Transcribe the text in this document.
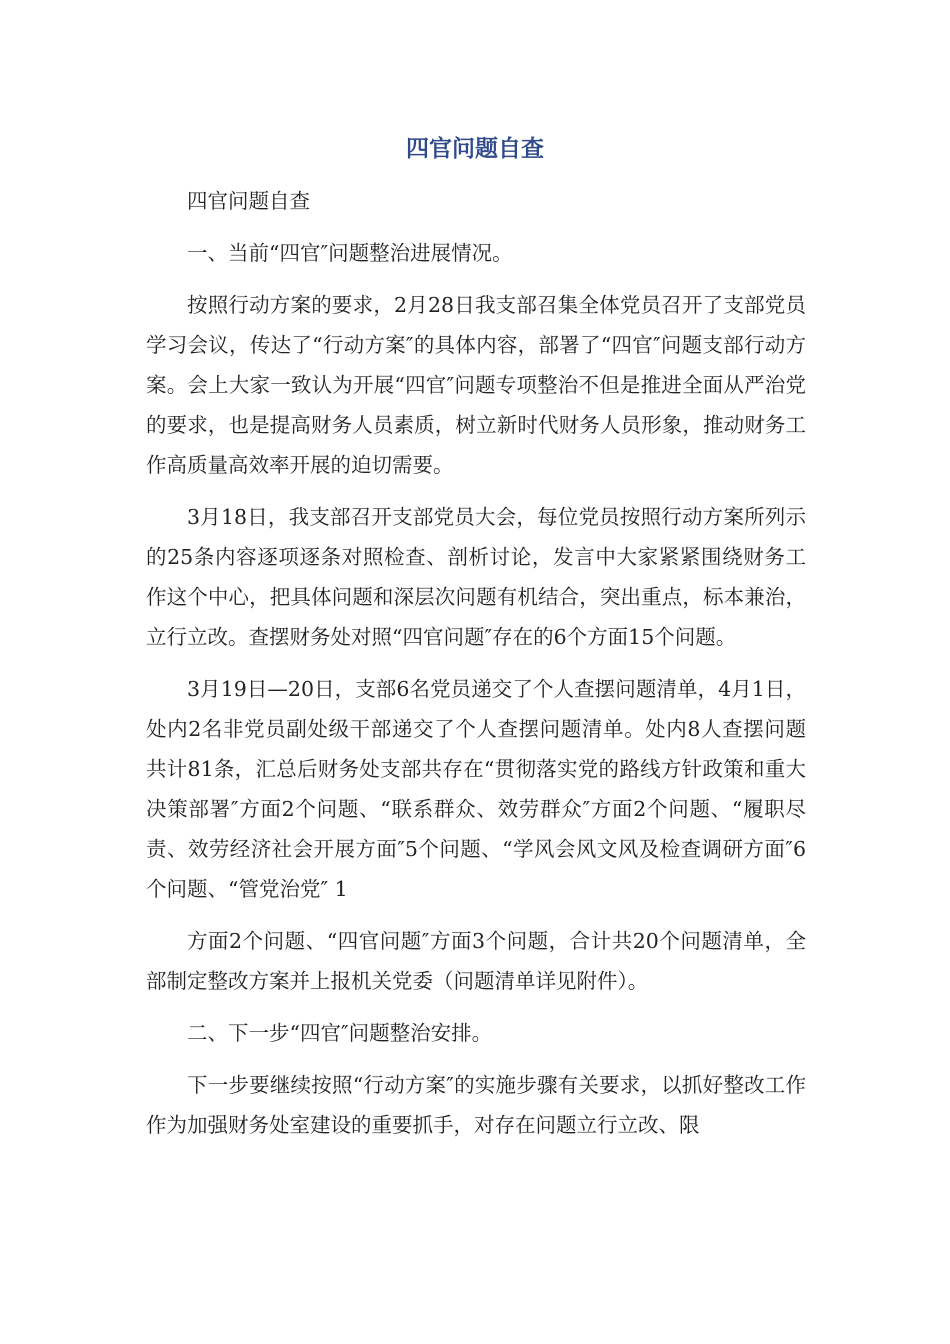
四官问题自查

四官问题自查

一、当前“四官″问题整治进展情况。

按照行动方案的要求，2月28日我支部召集全体党员召开了支部党员学习会议，传达了“行动方案″的具体内容，部署了“四官″问题支部行动方案。会上大家一致认为开展“四官″问题专项整治不但是推进全面从严治党的要求，也是提高财务人员素质，树立新时代财务人员形象，推动财务工作高质量高效率开展的迫切需要。

3月18日，我支部召开支部党员大会，每位党员按照行动方案所列示的25条内容逐项逐条对照检查、剖析讨论，发言中大家紧紧围绕财务工作这个中心，把具体问题和深层次问题有机结合，突出重点，标本兼治，立行立改。查摆财务处对照“四官问题″存在的6个方面15个问题。

3月19日—20日，支部6名党员递交了个人查摆问题清单，4月1日，处内2名非党员副处级干部递交了个人查摆问题清单。处内8人查摆问题共计81条，汇总后财务处支部共存在“贯彻落实党的路线方针政策和重大决策部署″方面2个问题、“联系群众、效劳群众″方面2个问题、“履职尽责、效劳经济社会开展方面″5个问题、“学风会风文风及检查调研方面″6个问题、“管党治党″ 1

方面2个问题、“四官问题″方面3个问题，合计共20个问题清单，全部制定整改方案并上报机关党委（问题清单详见附件）。

二、下一步“四官″问题整治安排。

下一步要继续按照“行动方案″的实施步骤有关要求，以抓好整改工作作为加强财务处室建设的重要抓手，对存在问题立行立改、限
